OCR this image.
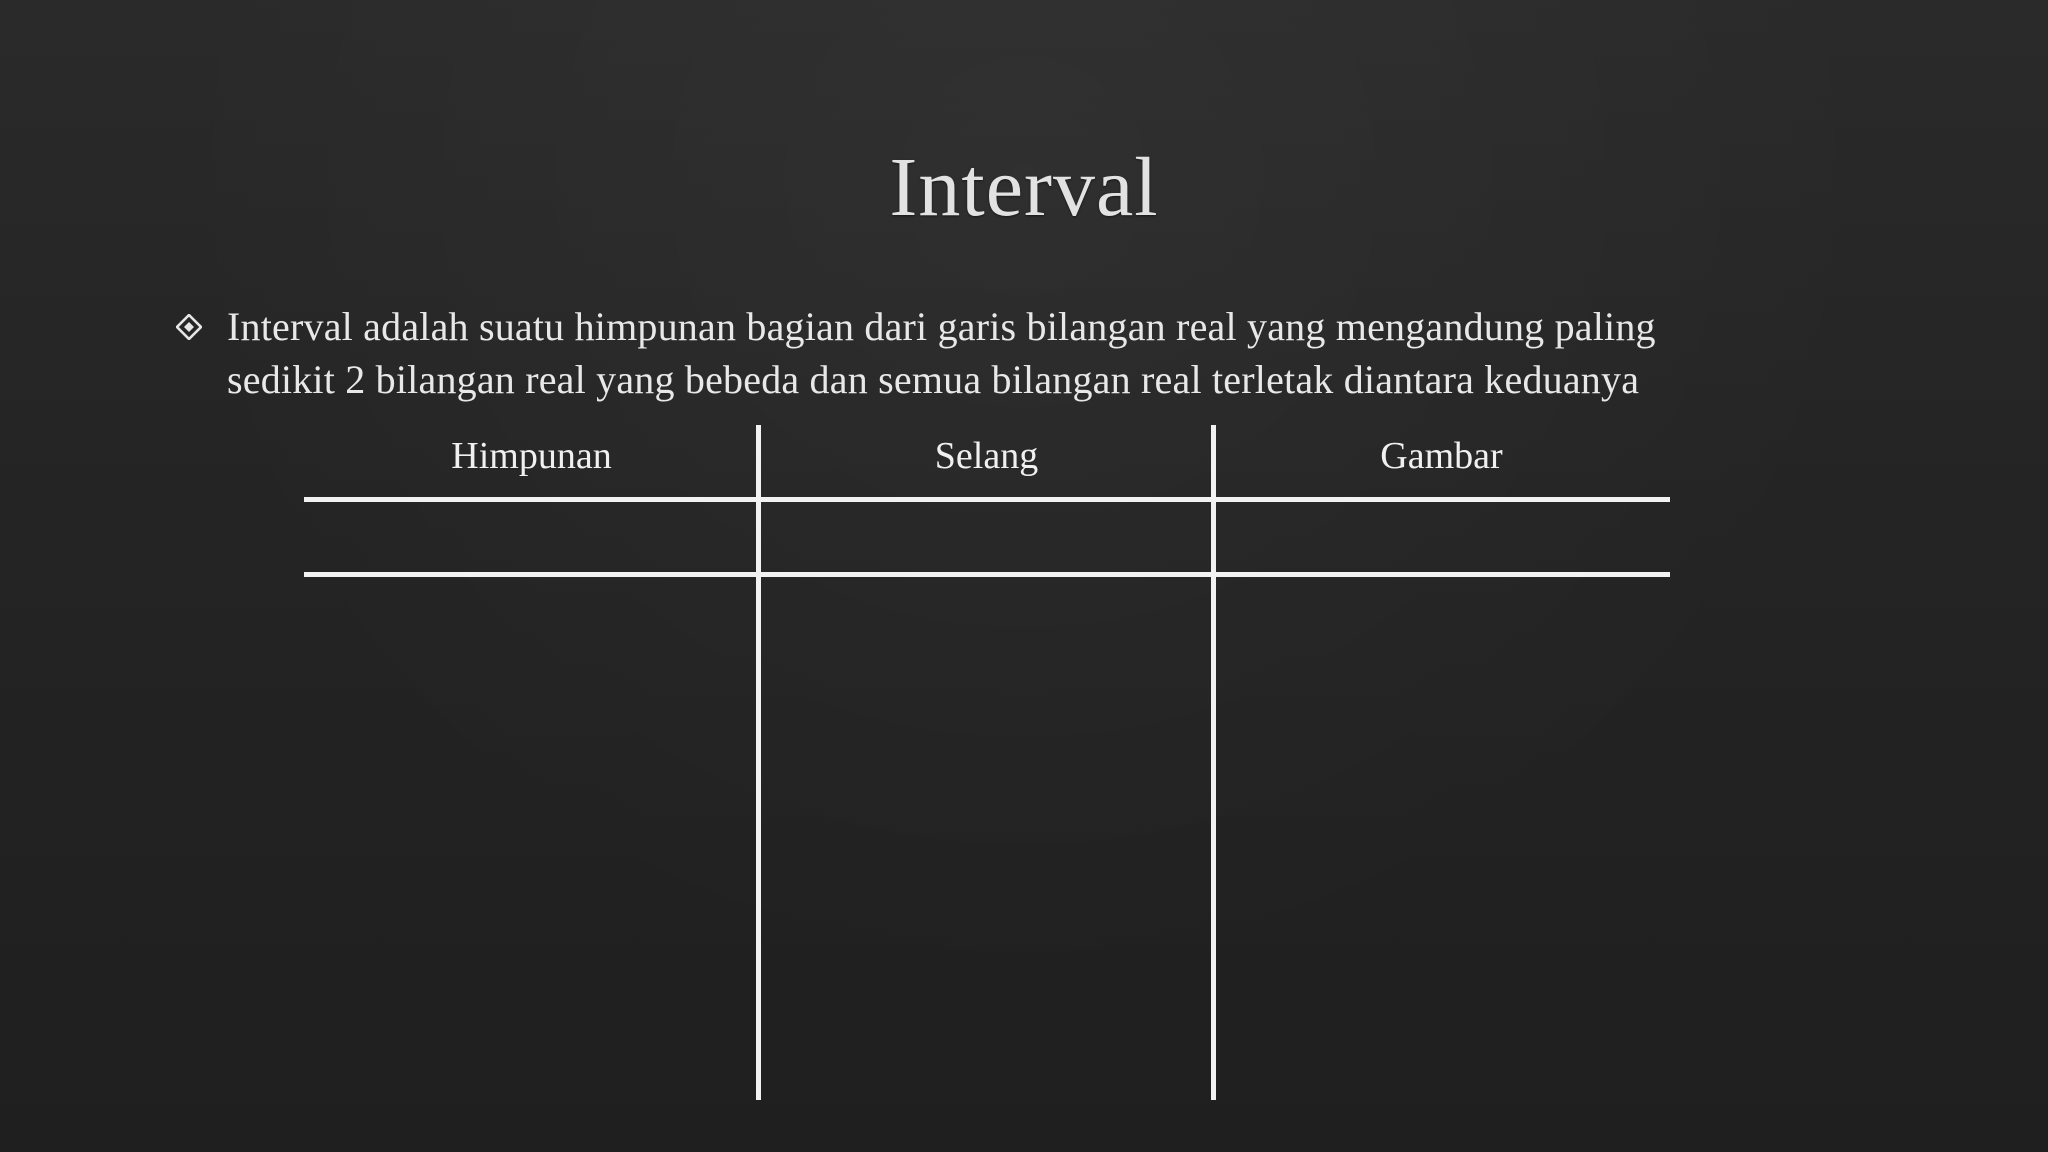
Interval
Interval adalah suatu himpunan bagian dari garis bilangan real yang mengandung paling
sedikit 2 bilangan real yang bebeda dan semua bilangan real terletak diantara keduanya
Himpunan	Selang	Gambar
